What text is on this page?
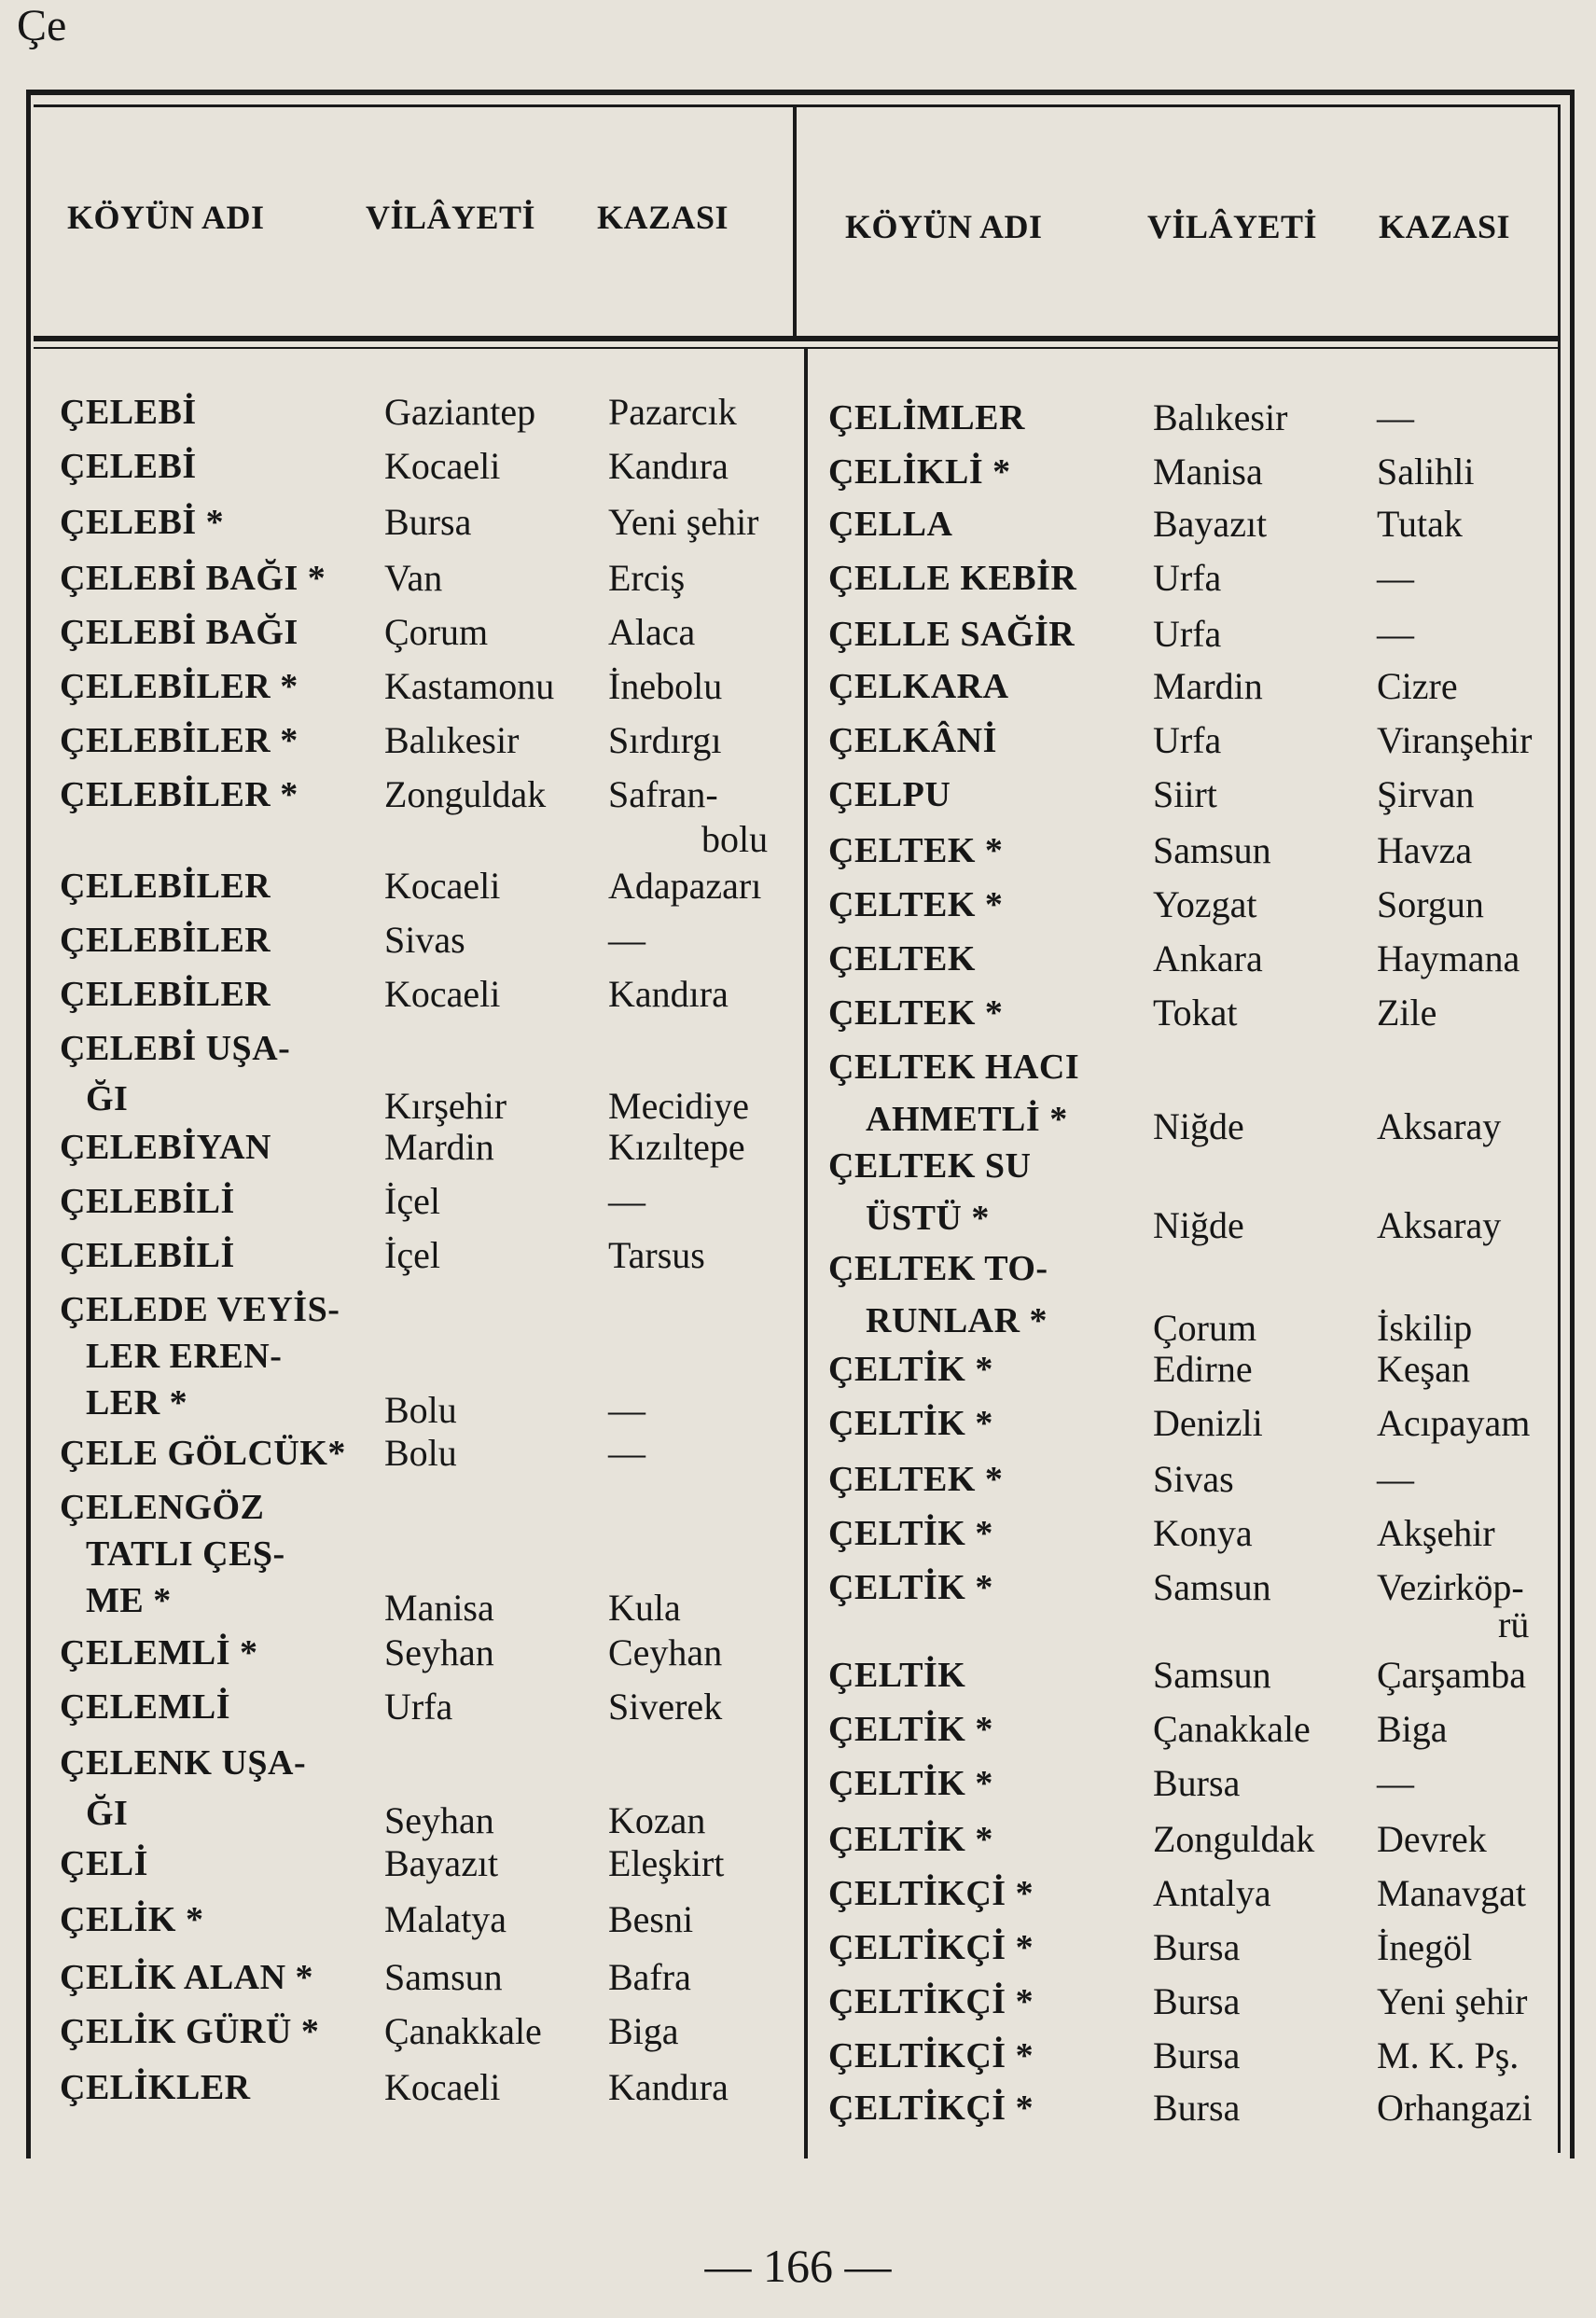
Çe
KÖYÜN ADI	VİLÂYETİ KAZASI	KÖYÜN ADI	VİLÂYETİ KAZASI
ÇELEBİ	Gaziantep Pazarcık
ÇELEBİ	Kocaeli	Kandıra
ÇELEBİ *	Bursa	Yeni şehir
ÇELEBİ BAĞI * Van	Erciş
ÇELEBİ BAĞI Çorum	Alaca
ÇELEBİLER * Kastamonu İnebolu
ÇELEBİLER * Balıkesir Sırdırgı
ÇELEBİLER * Zonguldak Safran-
bolu
ÇELEBİLER	Kocaeli	Adapazarı
ÇELEBİLER	Sivas	—
ÇELEBİLER	Kocaeli	Kandıra
ÇELEBİ UŞA-
ĞI	Kırşehir	Mecidiye
ÇELEBİYAN	Mardin	Kızıltepe
ÇELEBİLİ	İçel	—
ÇELEBİLİ	İçel	Tarsus
ÇELEDE VEYİS-
LER EREN-
LER *	Bolu	—
ÇELE GÖLCÜK* Bolu	—
ÇELENGÖZ
TATLI ÇEŞ-
ME *	Manisa	Kula
ÇELEMLİ *	Seyhan	Ceyhan
ÇELEMLİ	Urfa	Siverek
ÇELENK UŞA-
ĞI	Seyhan	Kozan
ÇELİ	Bayazıt	Eleşkirt
ÇELİK *	Malatya	Besni
ÇELİK ALAN * Samsun	Bafra
ÇELİK GÜRÜ * Çanakkale Biga
ÇELİKLER	Kocaeli	Kandıra
ÇELİMLER	Balıkesir —
ÇELİKLİ *	Manisa	Salihli
ÇELLA	Bayazıt	Tutak
ÇELLE KEBİR Urfa	—
ÇELLE SAĞİR Urfa	—
ÇELKARA	Mardin	Cizre
ÇELKÂNİ	Urfa	Viranşehir
ÇELPU	Siirt	Şirvan
ÇELTEK *	Samsun	Havza
ÇELTEK *	Yozgat	Sorgun
ÇELTEK	Ankara	Haymana
ÇELTEK *	Tokat	Zile
ÇELTEK HACI
AHMETLİ * Niğde	Aksaray
ÇELTEK SU
ÜSTÜ *	Niğde	Aksaray
ÇELTEK TO-
RUNLAR *	Çorum	İskilip
ÇELTİK *	Edirne	Keşan
ÇELTİK *	Denizli	Acıpayam
ÇELTEK *	Sivas	—
ÇELTİK *	Konya	Akşehir
ÇELTİK *	Samsun	Vezirköp-
rü
ÇELTİK	Samsun	Çarşamba
ÇELTİK *	Çanakkale Biga
ÇELTİK *	Bursa	—
ÇELTİK *	Zonguldak Devrek
ÇELTİKÇİ *	Antalya	Manavgat
ÇELTİKÇİ *	Bursa	İnegöl
ÇELTİKÇİ *	Bursa	Yeni şehir
ÇELTİKÇİ *	Bursa	M. K. Pş.
ÇELTİKÇİ *	Bursa	Orhangazi
— 166 —
